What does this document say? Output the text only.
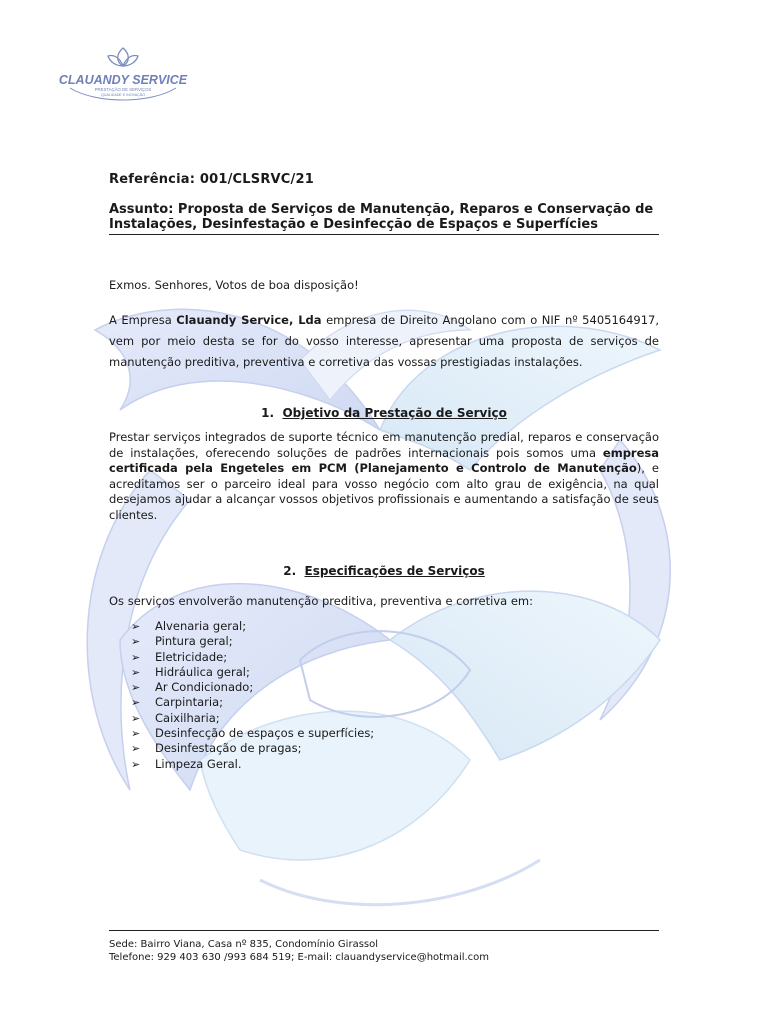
CLAUANDY SERVICE
PRESTAÇÃO DE SERVIÇOS
QUALIDADE E INOVAÇÃO
Referência: 001/CLSRVC/21
Assunto: Proposta de Serviços de Manutenção, Reparos e Conservação de Instalações, Desinfestação e Desinfecção de Espaços e Superfícies
Exmos. Senhores, Votos de boa disposição!
A Empresa Clauandy Service, Lda empresa de Direito Angolano com o NIF nº 5405164917, vem por meio desta se for do vosso interesse, apresentar uma proposta de serviços de manutenção preditiva, preventiva e corretiva das vossas prestigiadas instalações.
1. Objetivo da Prestação de Serviço
Prestar serviços integrados de suporte técnico em manutenção predial, reparos e conservação de instalações, oferecendo soluções de padrões internacionais pois somos uma empresa certificada pela Engeteles em PCM (Planejamento e Controlo de Manutenção), e acreditamos ser o parceiro ideal para vosso negócio com alto grau de exigência, na qual desejamos ajudar a alcançar vossos objetivos profissionais e aumentando a satisfação de seus clientes.
2. Especificações de Serviços
Os serviços envolverão manutenção preditiva, preventiva e corretiva em:
➢ Alvenaria geral;
➢ Pintura geral;
➢ Eletricidade;
➢ Hidráulica geral;
➢ Ar Condicionado;
➢ Carpintaria;
➢ Caixilharia;
➢ Desinfecção de espaços e superfícies;
➢ Desinfestação de pragas;
➢ Limpeza Geral.
Sede: Bairro Viana, Casa nº 835, Condomínio Girassol
Telefone: 929 403 630 /993 684 519; E-mail: clauandyservice@hotmail.com
